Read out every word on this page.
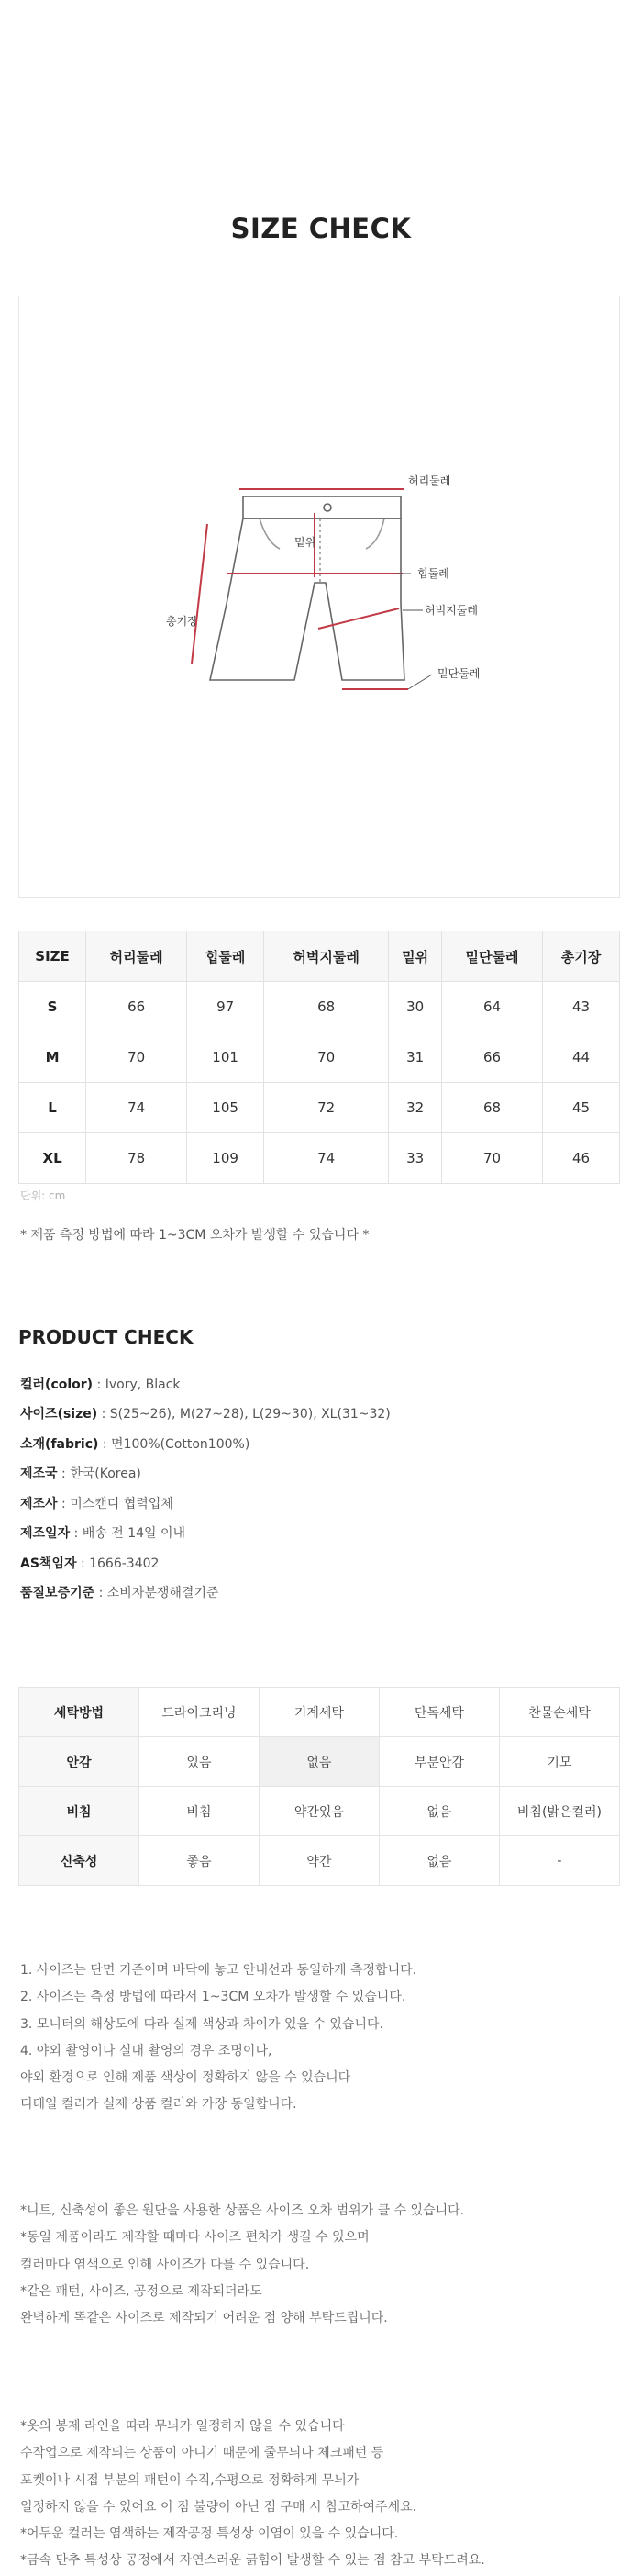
SIZE CHECK
허리둘레
밑위
힙둘레
허벅지둘레
총기장
밑단둘레
SIZE	허리둘레	힙둘레	허벅지둘레	밑위	밑단둘레	총기장
S	66	97	68	30	64	43
M	70	101	70	31	66	44
L	74	105	72	32	68	45
XL	78	109	74	33	70	46
단위: cm
* 제품 측정 방법에 따라 1~3CM 오차가 발생할 수 있습니다 *
PRODUCT CHECK
컬러(color) : Ivory, Black
사이즈(size) : S(25~26), M(27~28), L(29~30), XL(31~32)
소재(fabric) : 면100%(Cotton100%)
제조국 : 한국(Korea)
제조사 : 미스캔디 협력업체
제조일자 : 배송 전 14일 이내
AS책임자 : 1666-3402
품질보증기준 : 소비자분쟁해결기준
세탁방법	드라이크리닝	기계세탁	단독세탁	찬물손세탁
안감	있음	없음	부분안감	기모
비침	비침	약간있음	없음	비침(밝은컬러)
신축성	좋음	약간	없음	-
1. 사이즈는 단면 기준이며 바닥에 놓고 안내선과 동일하게 측정합니다.
2. 사이즈는 측정 방법에 따라서 1~3CM 오차가 발생할 수 있습니다.
3. 모니터의 해상도에 따라 실제 색상과 차이가 있을 수 있습니다.
4. 야외 촬영이나 실내 촬영의 경우 조명이나,
야외 환경으로 인해 제품 색상이 정확하지 않을 수 있습니다
디테일 컬러가 실제 상품 컬러와 가장 동일합니다.
*니트, 신축성이 좋은 원단을 사용한 상품은 사이즈 오차 범위가 클 수 있습니다.
*동일 제품이라도 제작할 때마다 사이즈 편차가 생길 수 있으며
컬러마다 염색으로 인해 사이즈가 다를 수 있습니다.
*같은 패턴, 사이즈, 공정으로 제작되더라도
완벽하게 똑같은 사이즈로 제작되기 어려운 점 양해 부탁드립니다.
*옷의 봉제 라인을 따라 무늬가 일정하지 않을 수 있습니다
수작업으로 제작되는 상품이 아니기 때문에 줄무늬나 체크패턴 등
포켓이나 시접 부분의 패턴이 수직,수평으로 정확하게 무늬가
일정하지 않을 수 있어요 이 점 불량이 아닌 점 구매 시 참고하여주세요.
*어두운 컬러는 염색하는 제작공정 특성상 이염이 있을 수 있습니다.
*금속 단추 특성상 공정에서 자연스러운 긁힘이 발생할 수 있는 점 참고 부탁드려요.
